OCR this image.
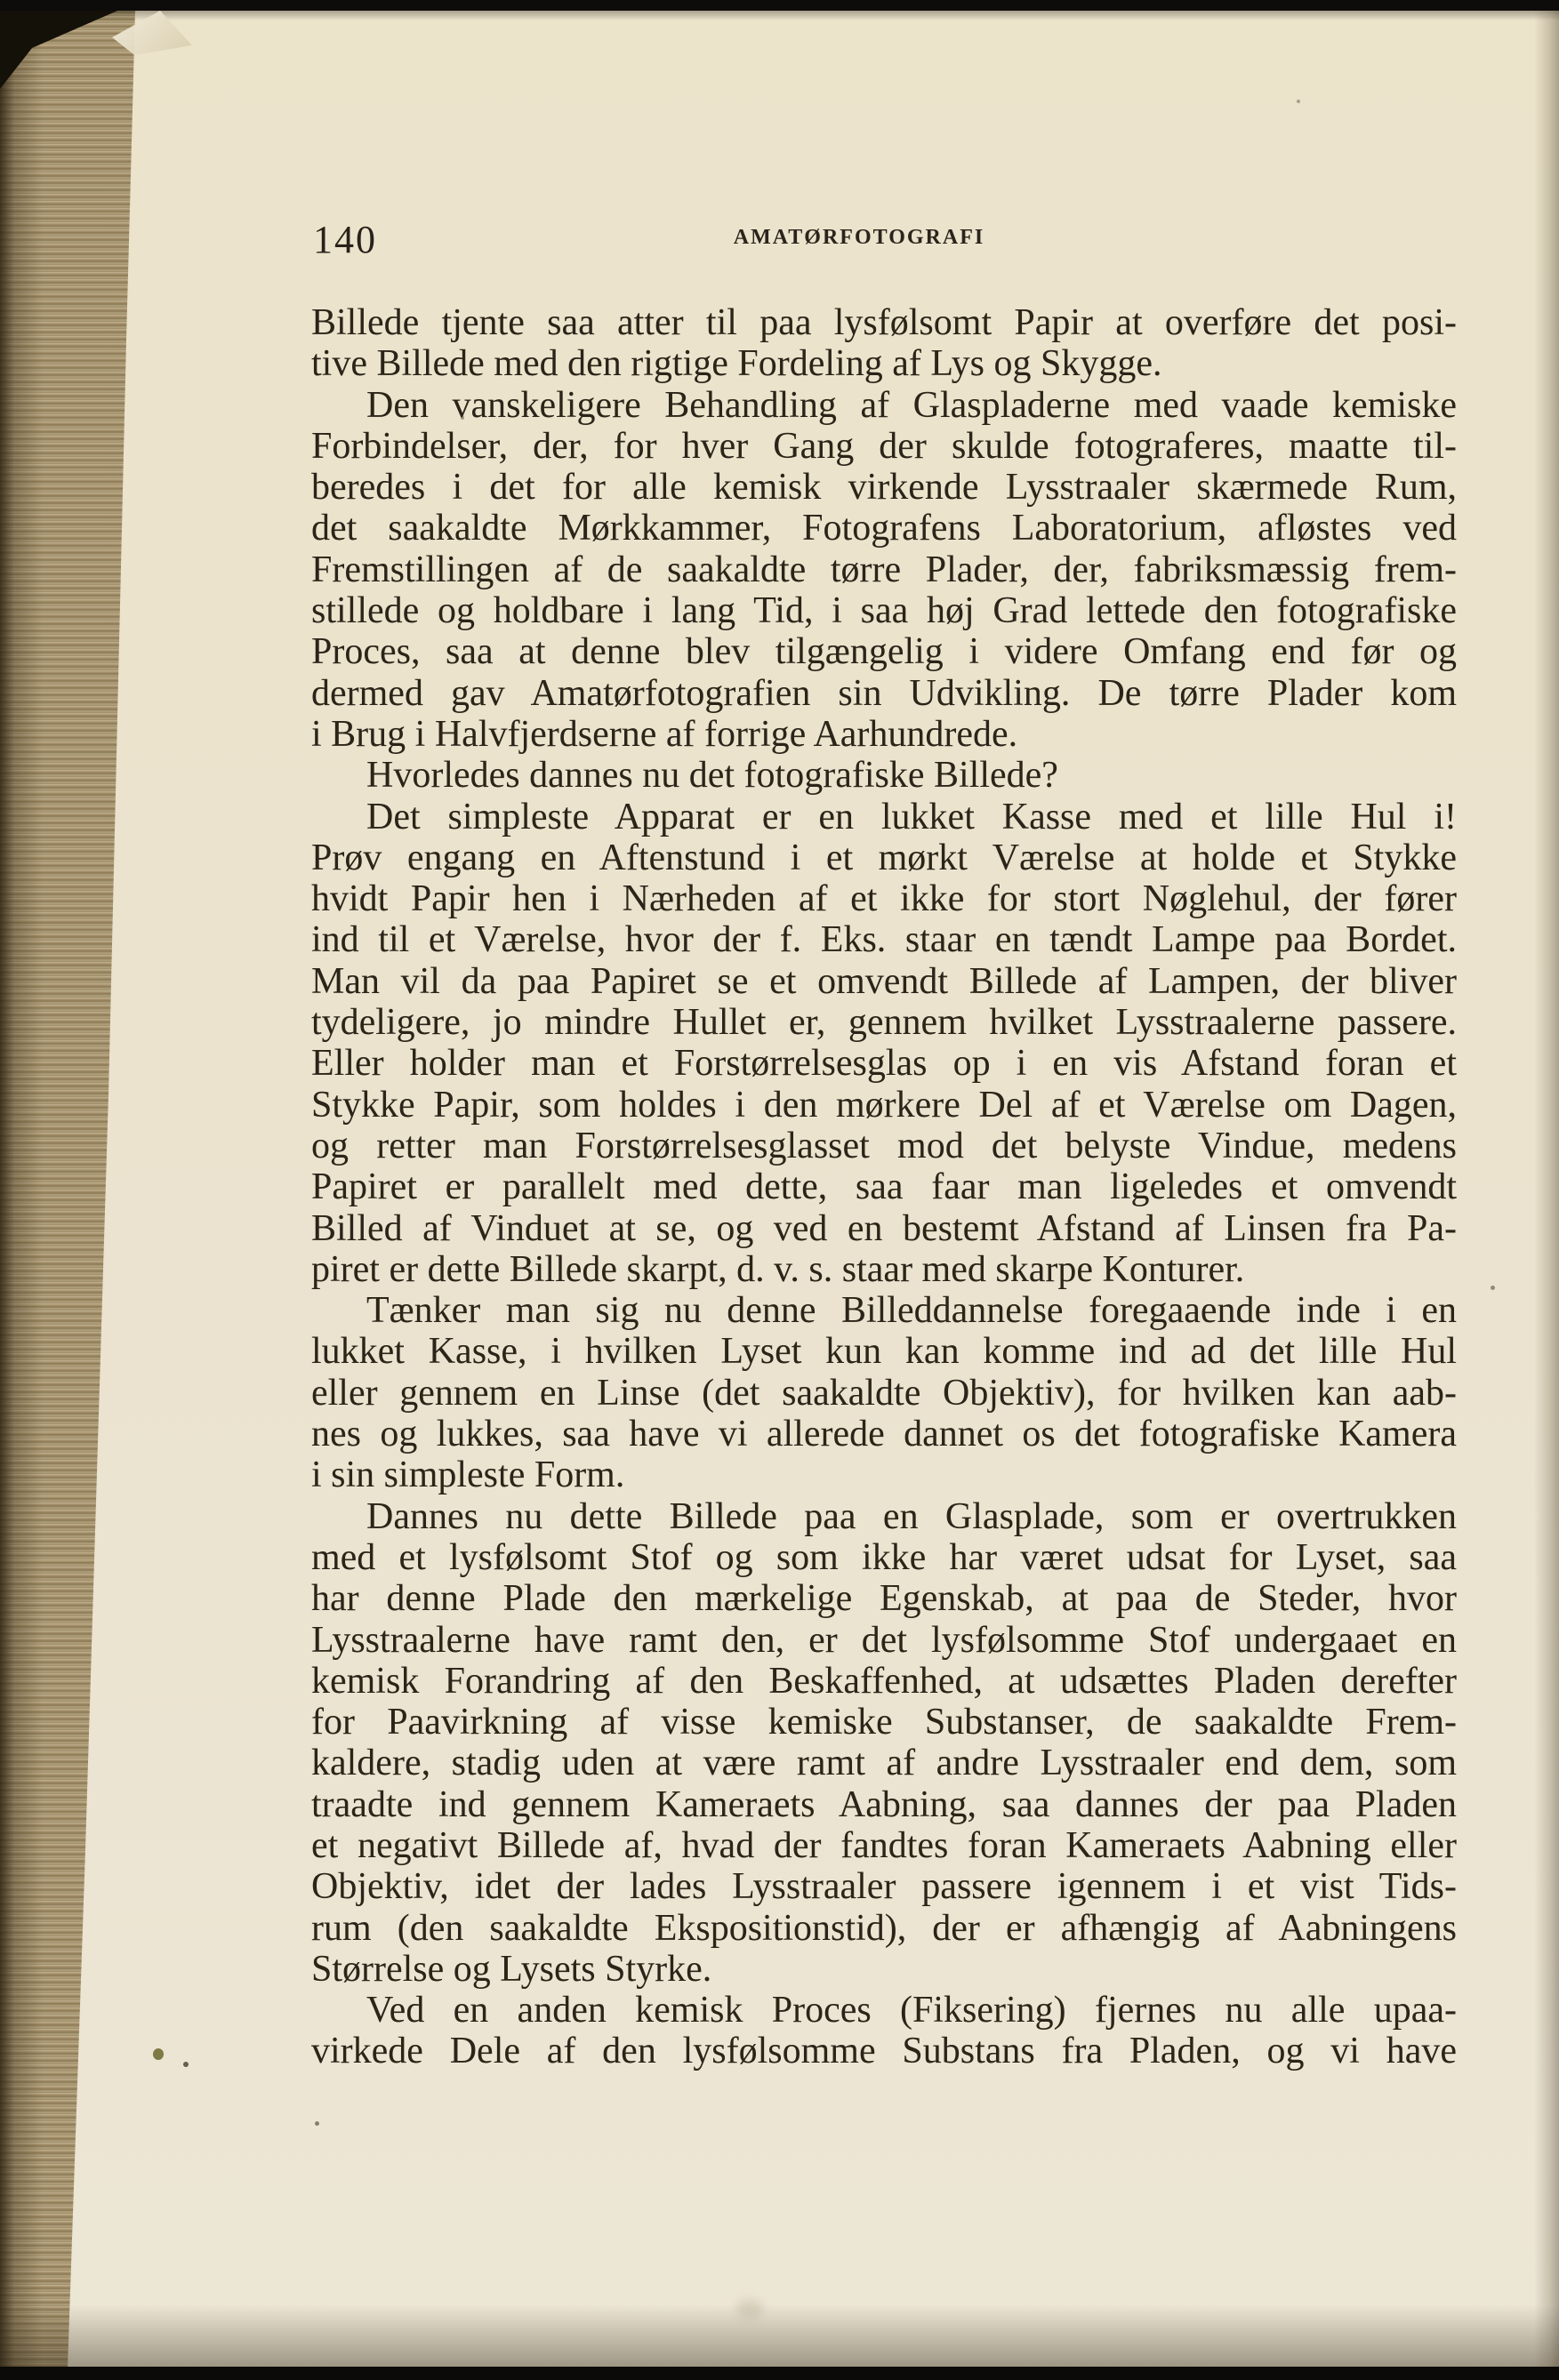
140	AMATØRFOTOGRAFI
Billede tjente saa atter til paa lysfølsomt Papir at overføre det posi-
tive Billede med den rigtige Fordeling af Lys og Skygge.
Den vanskeligere Behandling af Glaspladerne med vaade kemiske
Forbindelser, der, for hver Gang der skulde fotograferes, maatte til-
beredes i det for alle kemisk virkende Lysstraaler skærmede Rum,
det saakaldte Mørkkammer, Fotografens Laboratorium, afløstes ved
Fremstillingen af de saakaldte tørre Plader, der, fabriksmæssig frem-
stillede og holdbare i lang Tid, i saa høj Grad lettede den fotografiske
Proces, saa at denne blev tilgængelig i videre Omfang end før og
dermed gav Amatørfotografien sin Udvikling. De tørre Plader kom
i Brug i Halvfjerdserne af forrige Aarhundrede.
Hvorledes dannes nu det fotografiske Billede?
Det simpleste Apparat er en lukket Kasse med et lille Hul i!
Prøv engang en Aftenstund i et mørkt Værelse at holde et Stykke
hvidt Papir hen i Nærheden af et ikke for stort Nøglehul, der fører
ind til et Værelse, hvor der f. Eks. staar en tændt Lampe paa Bordet.
Man vil da paa Papiret se et omvendt Billede af Lampen, der bliver
tydeligere, jo mindre Hullet er, gennem hvilket Lysstraalerne passere.
Eller holder man et Forstørrelsesglas op i en vis Afstand foran et
Stykke Papir, som holdes i den mørkere Del af et Værelse om Dagen,
og retter man Forstørrelsesglasset mod det belyste Vindue, medens
Papiret er parallelt med dette, saa faar man ligeledes et omvendt
Billed af Vinduet at se, og ved en bestemt Afstand af Linsen fra Pa-
piret er dette Billede skarpt, d. v. s. staar med skarpe Konturer.
Tænker man sig nu denne Billeddannelse foregaaende inde i en
lukket Kasse, i hvilken Lyset kun kan komme ind ad det lille Hul
eller gennem en Linse (det saakaldte Objektiv), for hvilken kan aab-
nes og lukkes, saa have vi allerede dannet os det fotografiske Kamera
i sin simpleste Form.
Dannes nu dette Billede paa en Glasplade, som er overtrukken
med et lysfølsomt Stof og som ikke har været udsat for Lyset, saa
har denne Plade den mærkelige Egenskab, at paa de Steder, hvor
Lysstraalerne have ramt den, er det lysfølsomme Stof undergaaet en
kemisk Forandring af den Beskaffenhed, at udsættes Pladen derefter
for Paavirkning af visse kemiske Substanser, de saakaldte Frem-
kaldere, stadig uden at være ramt af andre Lysstraaler end dem, som
traadte ind gennem Kameraets Aabning, saa dannes der paa Pladen
et negativt Billede af, hvad der fandtes foran Kameraets Aabning eller
Objektiv, idet der lades Lysstraaler passere igennem i et vist Tids-
rum (den saakaldte Ekspositionstid), der er afhængig af Aabningens
Størrelse og Lysets Styrke.
Ved en anden kemisk Proces (Fiksering) fjernes nu alle upaa-
virkede Dele af den lysfølsomme Substans fra Pladen, og vi have
